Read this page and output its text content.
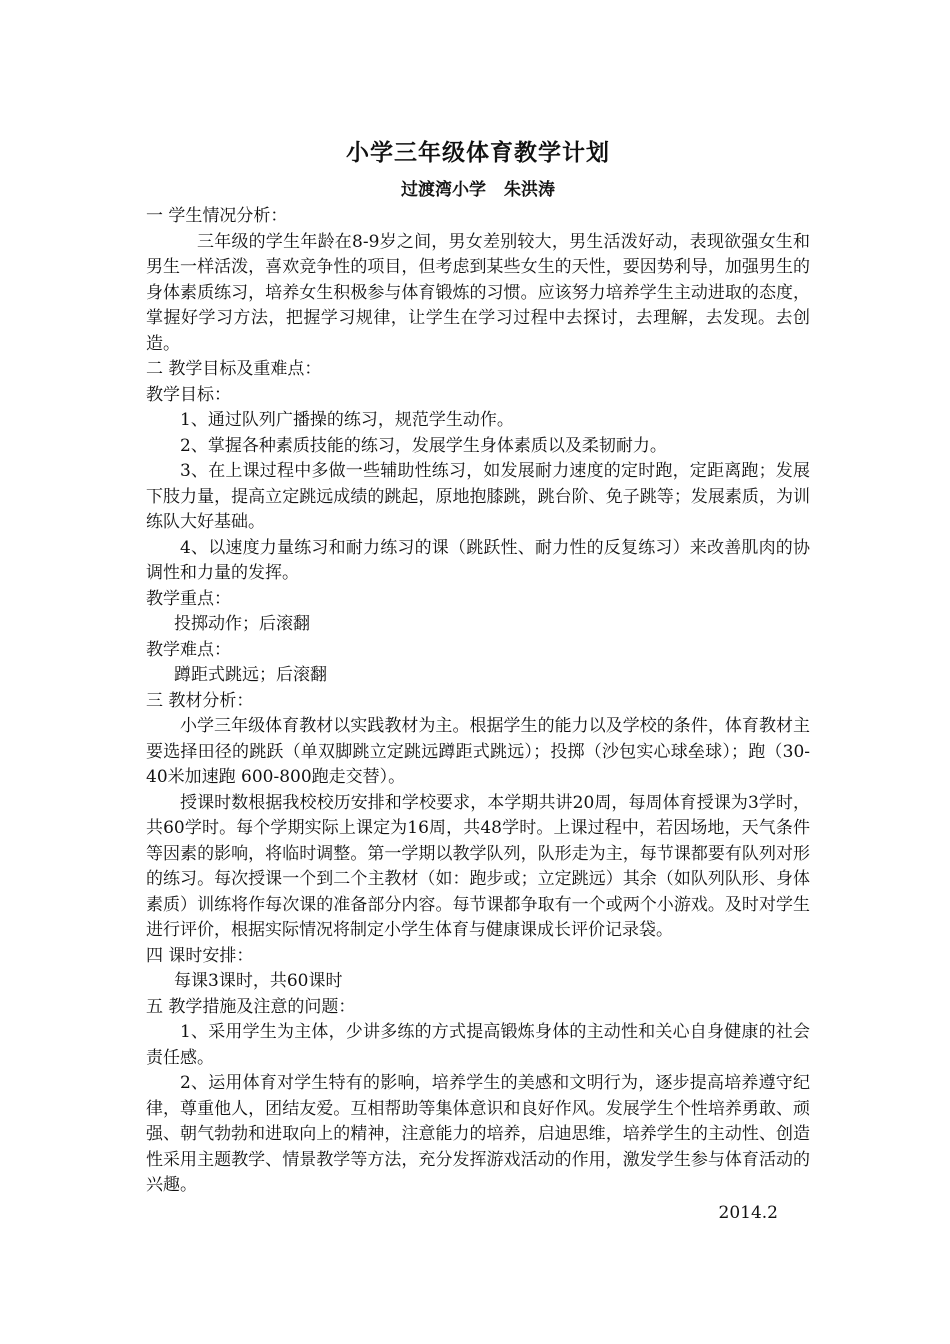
小学三年级体育教学计划
过渡湾小学 朱洪涛
一 学生情况分析：

三年级的学生年龄在8-9岁之间，男女差别较大，男生活泼好动，表现欲强女生和男生一样活泼，喜欢竞争性的项目，但考虑到某些女生的天性，要因势利导，加强男生的身体素质练习，培养女生积极参与体育锻炼的习惯。应该努力培养学生主动进取的态度，掌握好学习方法，把握学习规律，让学生在学习过程中去探讨，去理解，去发现。去创造。

二 教学目标及重难点：
教学目标：

1、通过队列广播操的练习，规范学生动作。

2、掌握各种素质技能的练习，发展学生身体素质以及柔韧耐力。

3、在上课过程中多做一些辅助性练习，如发展耐力速度的定时跑，定距离跑；发展下肢力量，提高立定跳远成绩的跳起，原地抱膝跳，跳台阶、免子跳等；发展素质，为训练队大好基础。

4、以速度力量练习和耐力练习的课（跳跃性、耐力性的反复练习）来改善肌肉的协调性和力量的发挥。

教学重点：

投掷动作；后滚翻

教学难点：

蹲距式跳远；后滚翻

三 教材分析：

小学三年级体育教材以实践教材为主。根据学生的能力以及学校的条件，体育教材主要选择田径的跳跃（单双脚跳立定跳远蹲距式跳远）；投掷（沙包实心球垒球）；跑（30-40米加速跑 600-800跑走交替）。

授课时数根据我校校历安排和学校要求，本学期共讲20周，每周体育授课为3学时，共60学时。每个学期实际上课定为16周，共48学时。上课过程中，若因场地，天气条件等因素的影响，将临时调整。第一学期以教学队列，队形走为主，每节课都要有队列对形的练习。每次授课一个到二个主教材（如：跑步或；立定跳远）其余（如队列队形、身体素质）训练将作每次课的准备部分内容。每节课都争取有一个或两个小游戏。及时对学生进行评价，根据实际情况将制定小学生体育与健康课成长评价记录袋。

四 课时安排：

每课3课时，共60课时

五 教学措施及注意的问题：

1、采用学生为主体，少讲多练的方式提高锻炼身体的主动性和关心自身健康的社会责任感。

2、运用体育对学生特有的影响，培养学生的美感和文明行为，逐步提高培养遵守纪律，尊重他人，团结友爱。互相帮助等集体意识和良好作风。发展学生个性培养勇敢、顽强、朝气勃勃和进取向上的精神，注意能力的培养，启迪思维，培养学生的主动性、创造性采用主题教学、情景教学等方法，充分发挥游戏活动的作用，激发学生参与体育活动的兴趣。

2014.2
